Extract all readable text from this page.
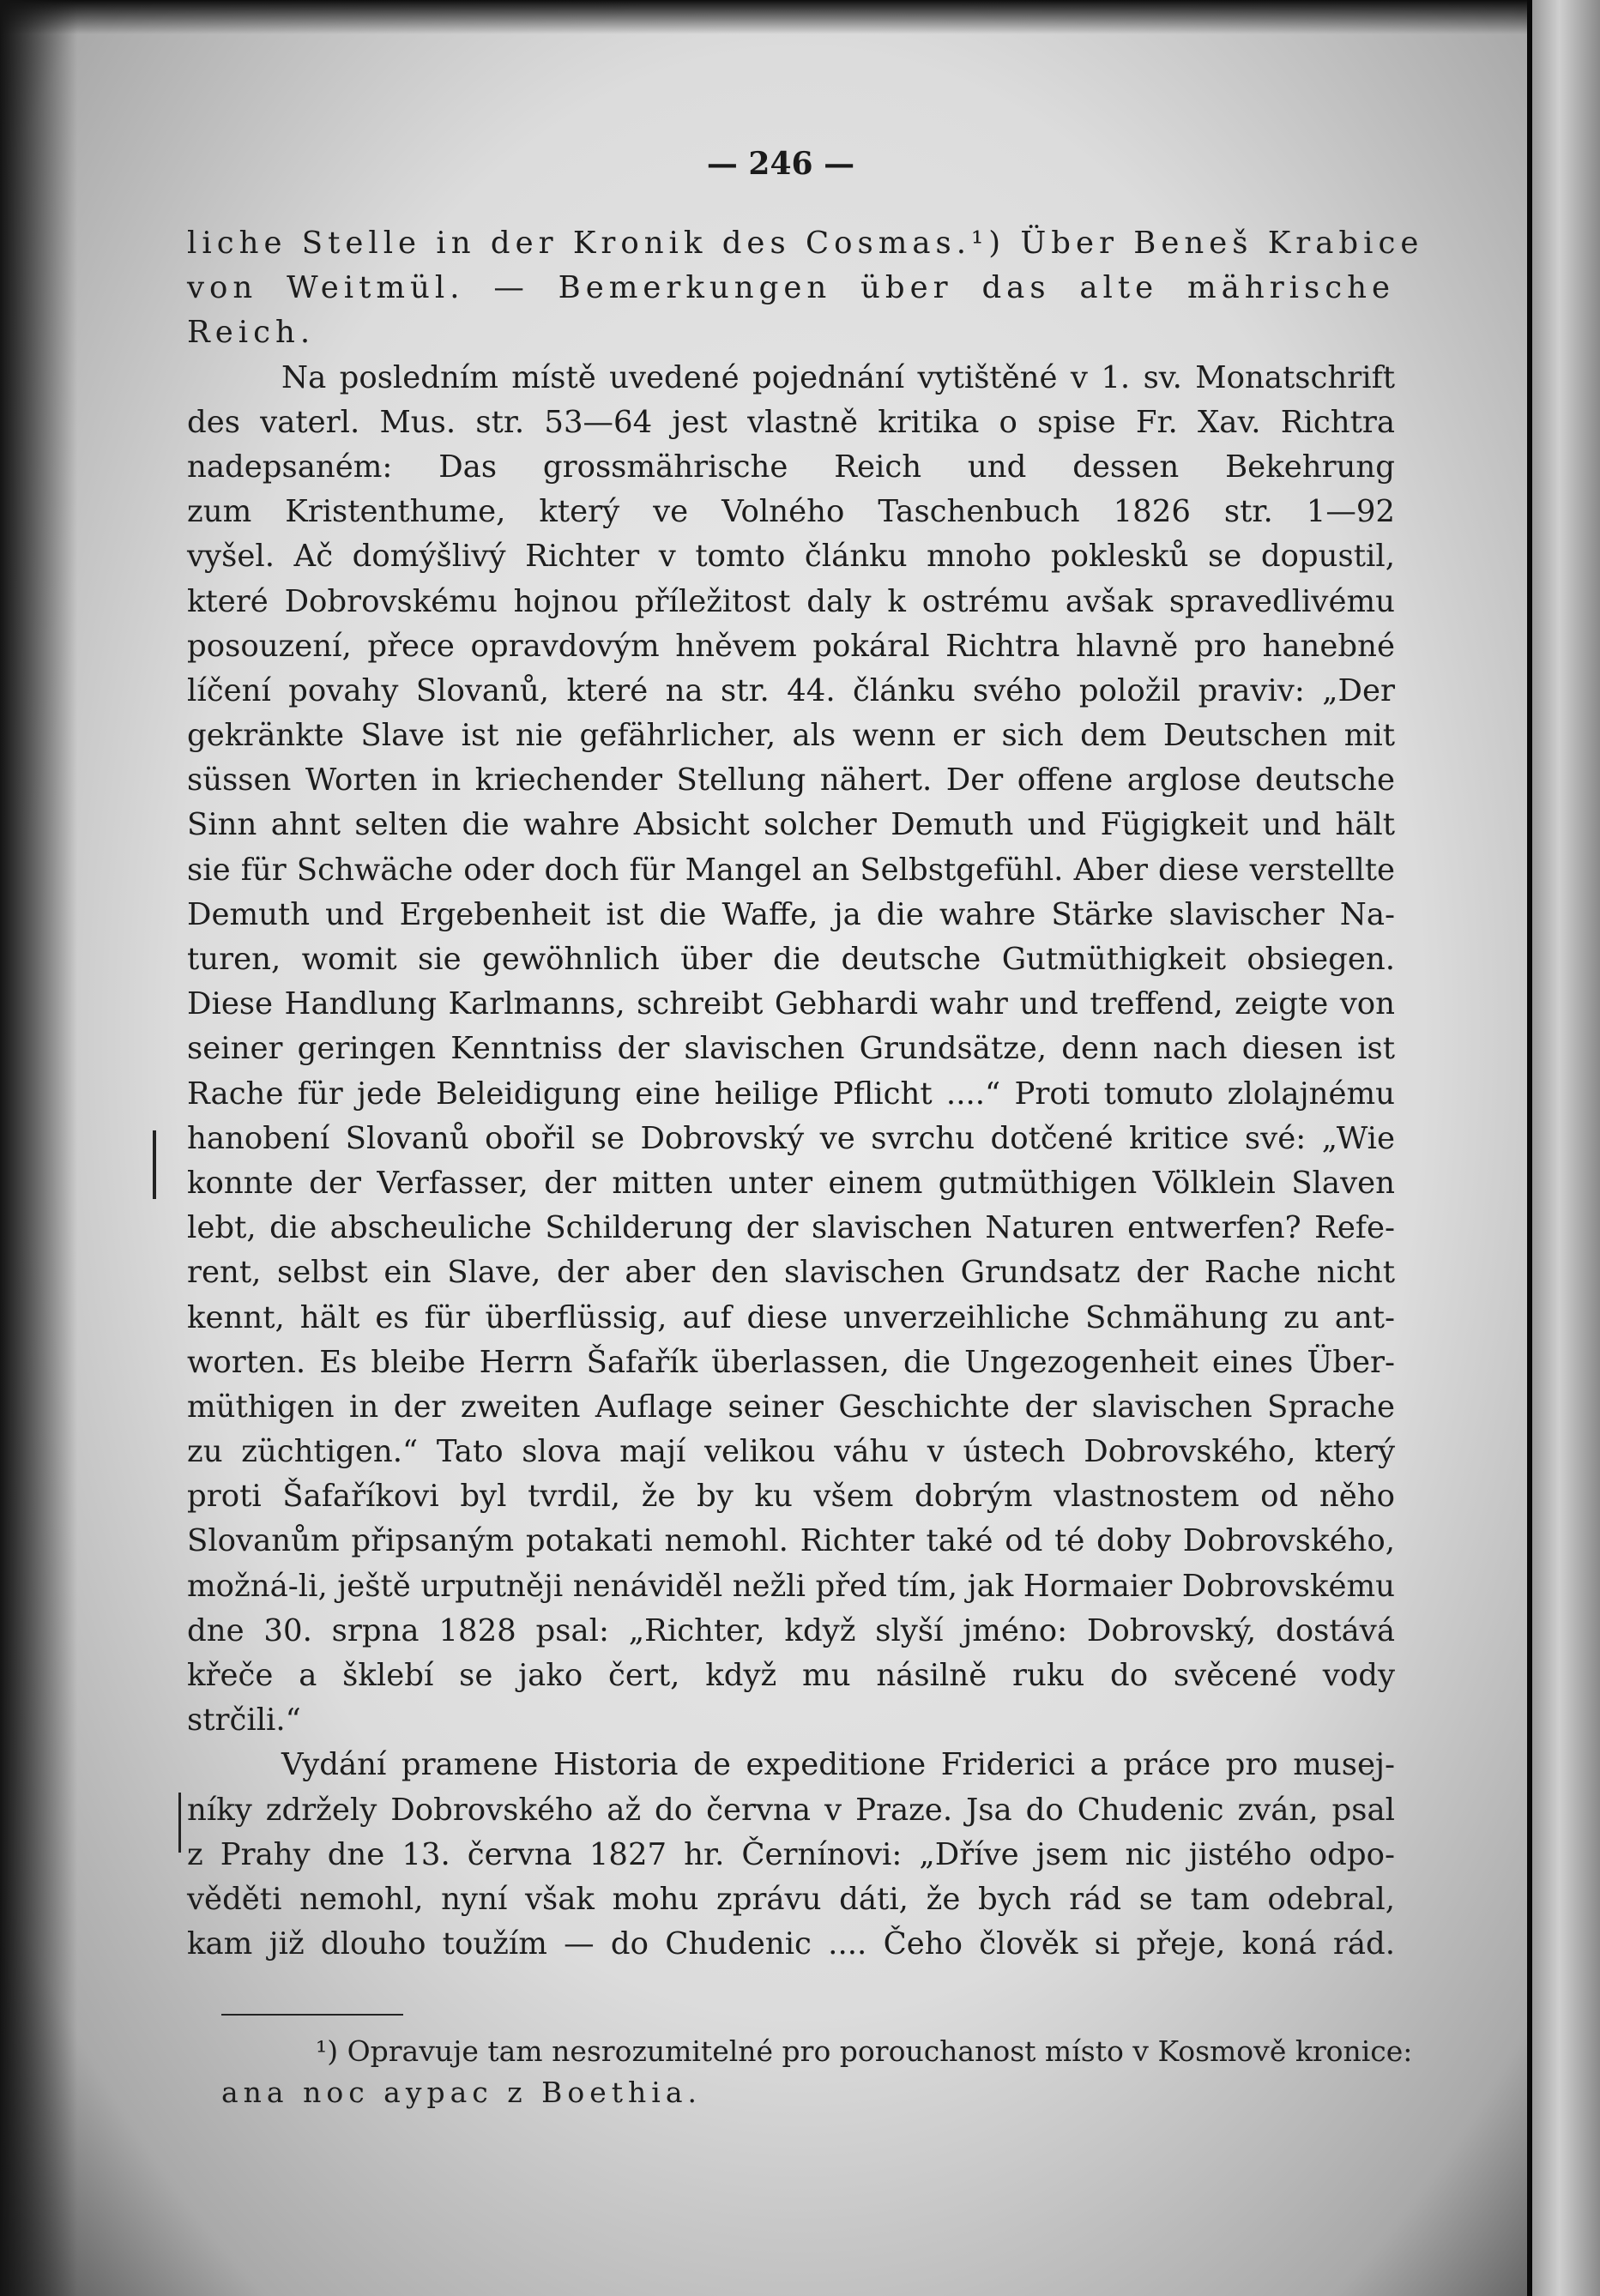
— 246 —
liche Stelle in der Kronik des Cosmas.¹) Über Beneš Krabice
von Weitmül. — Bemerkungen über das alte mährische
Reich.
Na posledním místě uvedené pojednání vytištěné v 1. sv. Monatschrift
des vaterl. Mus. str. 53—64 jest vlastně kritika o spise Fr. Xav. Richtra
nadepsaném: Das grossmährische Reich und dessen Bekehrung
zum Kristenthume, který ve Volného Taschenbuch 1826 str. 1—92
vyšel. Ač domýšlivý Richter v tomto článku mnoho poklesků se dopustil,
které Dobrovskému hojnou příležitost daly k ostrému avšak spravedlivému
posouzení, přece opravdovým hněvem pokáral Richtra hlavně pro hanebné
líčení povahy Slovanů, které na str. 44. článku svého položil praviv: „Der
gekränkte Slave ist nie gefährlicher, als wenn er sich dem Deutschen mit
süssen Worten in kriechender Stellung nähert. Der offene arglose deutsche
Sinn ahnt selten die wahre Absicht solcher Demuth und Fügigkeit und hält
sie für Schwäche oder doch für Mangel an Selbstgefühl. Aber diese verstellte
Demuth und Ergebenheit ist die Waffe, ja die wahre Stärke slavischer Na-
turen, womit sie gewöhnlich über die deutsche Gutmüthigkeit obsiegen.
Diese Handlung Karlmanns, schreibt Gebhardi wahr und treffend, zeigte von
seiner geringen Kenntniss der slavischen Grundsätze, denn nach diesen ist
Rache für jede Beleidigung eine heilige Pflicht ....“ Proti tomuto zlolajnému
hanobení Slovanů obořil se Dobrovský ve svrchu dotčené kritice své: „Wie
konnte der Verfasser, der mitten unter einem gutmüthigen Völklein Slaven
lebt, die abscheuliche Schilderung der slavischen Naturen entwerfen? Refe-
rent, selbst ein Slave, der aber den slavischen Grundsatz der Rache nicht
kennt, hält es für überflüssig, auf diese unverzeihliche Schmähung zu ant-
worten. Es bleibe Herrn Šafařík überlassen, die Ungezogenheit eines Über-
müthigen in der zweiten Auflage seiner Geschichte der slavischen Sprache
zu züchtigen.“ Tato slova mají velikou váhu v ústech Dobrovského, který
proti Šafaříkovi byl tvrdil, že by ku všem dobrým vlastnostem od něho
Slovanům připsaným potakati nemohl. Richter také od té doby Dobrovského,
možná-li, ještě urputněji nenáviděl nežli před tím, jak Hormaier Dobrovskému
dne 30. srpna 1828 psal: „Richter, když slyší jméno: Dobrovský, dostává
křeče a šklebí se jako čert, když mu násilně ruku do svěcené vody
strčili.“
Vydání pramene Historia de expeditione Friderici a práce pro musej-
níky zdržely Dobrovského až do června v Praze. Jsa do Chudenic zván, psal
z Prahy dne 13. června 1827 hr. Černínovi: „Dříve jsem nic jistého odpo-
věděti nemohl, nyní však mohu zprávu dáti, že bych rád se tam odebral,
kam již dlouho toužím — do Chudenic .... Čeho člověk si přeje, koná rád.
¹) Opravuje tam nesrozumitelné pro porouchanost místo v Kosmově kronice:
ana noc aypac z Boethia.
